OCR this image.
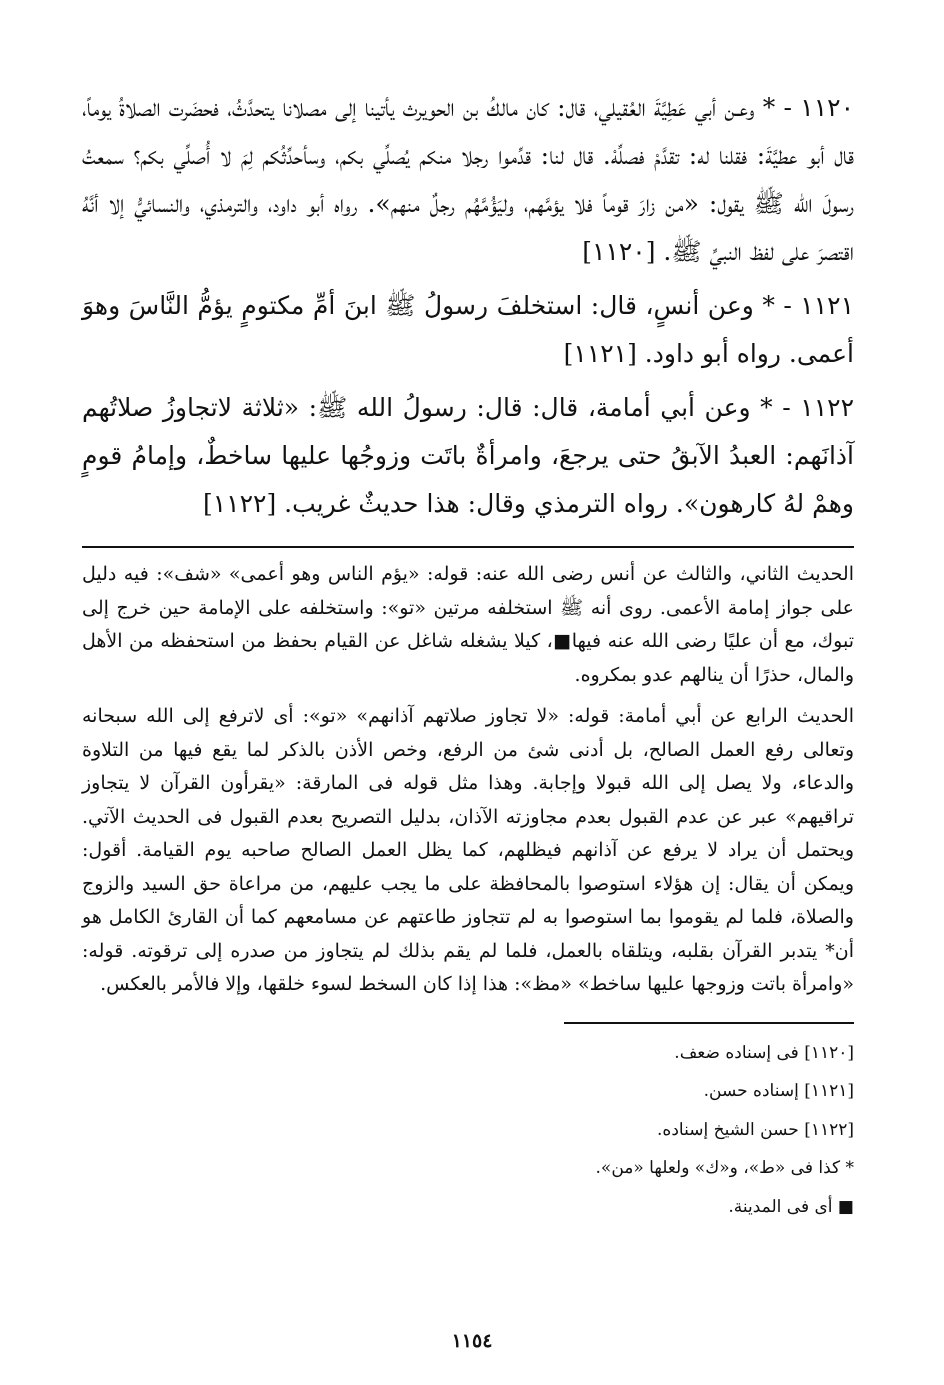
١١٢٠ - * وعـن أبي عَطِيَّةَ العُقيلي، قال: كان مالكُ بن الحويرث يأتينا إلى مصلانا يتحدَّثُ، فحضَرت الصلاةُ يوماً، قال أبو عطيَّةَ: فقلنا له: تقدَّمْ فصلِّهْ. قال لنا: قدِّموا رجلا منكم يُصلِّي بكم، وسأحدِّثُكم لِمَ لا أُصلِّي بكم؟ سمعتُ رسولَ الله ﷺ يقول: «من زارَ قوماً فلا يؤمَّهم، وليَؤُمَّهُم رجلٌ منهم». رواه أبو داود، والترمذي، والنسائيُّ إلا أنَّهُ اقتصرَ على لفظ النبيِّ ﷺ. [١١٢٠]

١١٢١ - * وعن أنسٍ، قال: استخلفَ رسولُ ﷺ ابنَ أمِّ مكتومٍ يؤمُّ النَّاسَ وهوَ أعمى. رواه أبو داود. [١١٢١]

١١٢٢ - * وعن أبي أمامة، قال: قال: رسولُ الله ﷺ: «ثلاثة لاتجاوزُ صلاتُهم آذانَهم: العبدُ الآبقُ حتى يرجعَ، وامرأةٌ باتَت وزوجُها عليها ساخطٌ، وإمامُ قومٍ وهمْ لهُ كارهون». رواه الترمذي وقال: هذا حديثٌ غريب. [١١٢٢]

الحديث الثاني، والثالث عن أنس رضى الله عنه: قوله: «يؤم الناس وهو أعمى» «شف»: فيه دليل على جواز إمامة الأعمى. روى أنه ﷺ استخلفه مرتين «تو»: واستخلفه على الإمامة حين خرج إلى تبوك، مع أن عليًا رضى الله عنه فيها■، كيلا يشغله شاغل عن القيام بحفظ من استحفظه من الأهل والمال، حذرًا أن ينالهم عدو بمكروه.

الحديث الرابع عن أبي أمامة: قوله: «لا تجاوز صلاتهم آذانهم» «تو»: أى لاترفع إلى الله سبحانه وتعالى رفع العمل الصالح، بل أدنى شئ من الرفع، وخص الأذن بالذكر لما يقع فيها من التلاوة والدعاء، ولا يصل إلى الله قبولا وإجابة. وهذا مثل قوله فى المارقة: «يقرأون القرآن لا يتجاوز تراقيهم» عبر عن عدم القبول بعدم مجاوزته الآذان، بدليل التصريح بعدم القبول فى الحديث الآتي. ويحتمل أن يراد لا يرفع عن آذانهم فيظلهم، كما يظل العمل الصالح صاحبه يوم القيامة. أقول: ويمكن أن يقال: إن هؤلاء استوصوا بالمحافظة على ما يجب عليهم، من مراعاة حق السيد والزوج والصلاة، فلما لم يقوموا بما استوصوا به لم تتجاوز طاعتهم عن مسامعهم كما أن القارئ الكامل هو أن* يتدبر القرآن بقلبه، ويتلقاه بالعمل، فلما لم يقم بذلك لم يتجاوز من صدره إلى ترقوته. قوله: «وامرأة باتت وزوجها عليها ساخط» «مظ»: هذا إذا كان السخط لسوء خلقها، وإلا فالأمر بالعكس.

[١١٢٠] فى إسناده ضعف.
[١١٢١] إسناده حسن.
[١١٢٢] حسن الشيخ إسناده.
* كذا فى «ط»، و«ك» ولعلها «من».
■ أى فى المدينة.
١١٥٤
